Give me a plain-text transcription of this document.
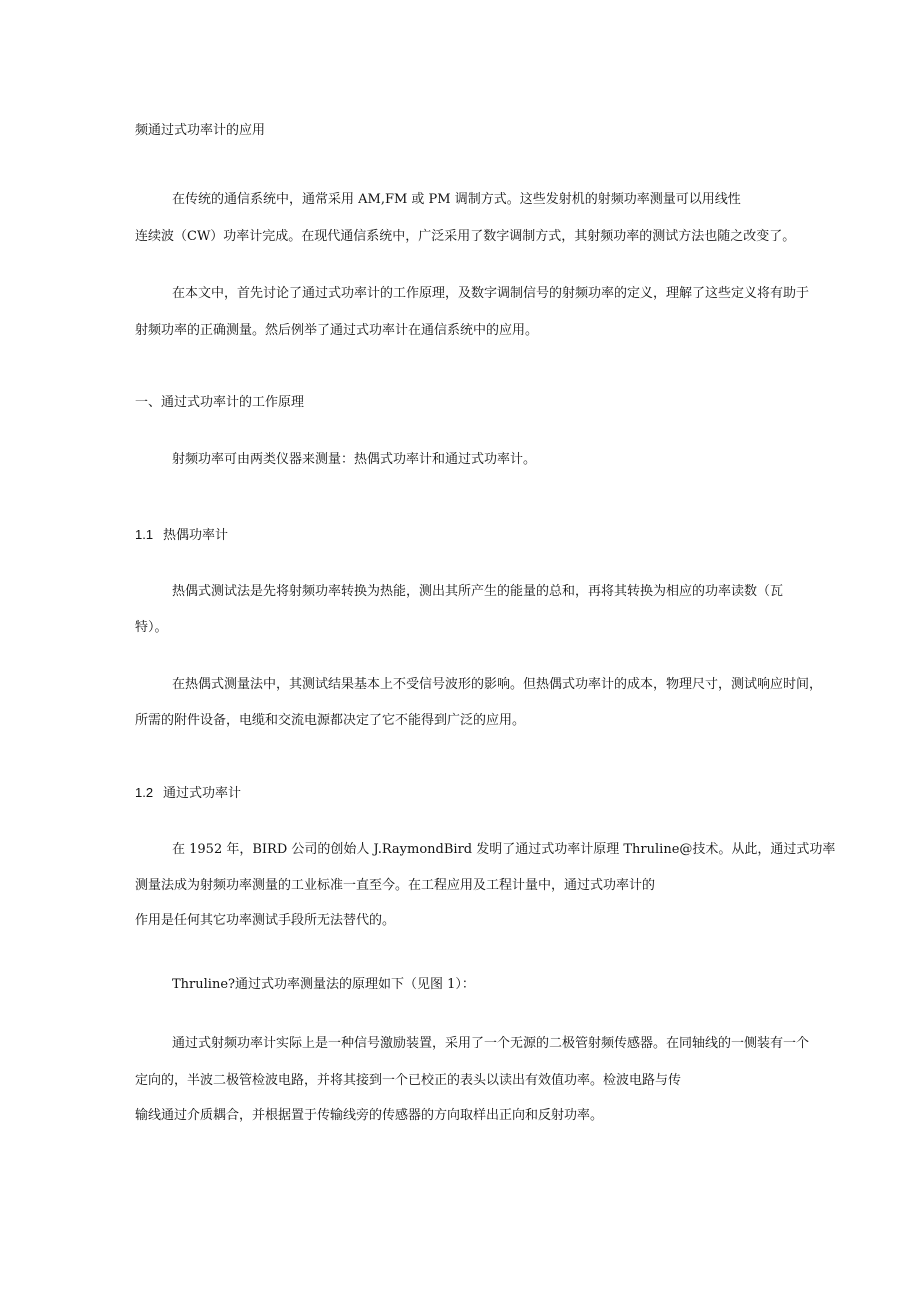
频通过式功率计的应用

在传统的通信系统中，通常采用 AM,FM 或 PM 调制方式。这些发射机的射频功率测量可以用线性

连续波（CW）功率计完成。在现代通信系统中，广泛采用了数字调制方式，其射频功率的测试方法也随之改变了。

在本文中，首先讨论了通过式功率计的工作原理，及数字调制信号的射频功率的定义，理解了这些定义将有助于

射频功率的正确测量。然后例举了通过式功率计在通信系统中的应用。

一、通过式功率计的工作原理

射频功率可由两类仪器来测量：热偶式功率计和通过式功率计。

1.1 热偶功率计

热偶式测试法是先将射频功率转换为热能，测出其所产生的能量的总和，再将其转换为相应的功率读数（瓦

特）。

在热偶式测量法中，其测试结果基本上不受信号波形的影响。但热偶式功率计的成本，物理尺寸，测试响应时间，

所需的附件设备，电缆和交流电源都决定了它不能得到广泛的应用。

1.2 通过式功率计

在 1952 年，BIRD 公司的创始人 J.RaymondBird 发明了通过式功率计原理 Thruline@技术。从此，通过式功率

测量法成为射频功率测量的工业标准一直至今。在工程应用及工程计量中，通过式功率计的

作用是任何其它功率测试手段所无法替代的。

Thruline?通过式功率测量法的原理如下（见图 1）：

通过式射频功率计实际上是一种信号激励装置，采用了一个无源的二极管射频传感器。在同轴线的一侧装有一个

定向的，半波二极管检波电路，并将其接到一个已校正的表头以读出有效值功率。检波电路与传

输线通过介质耦合，并根据置于传输线旁的传感器的方向取样出正向和反射功率。
